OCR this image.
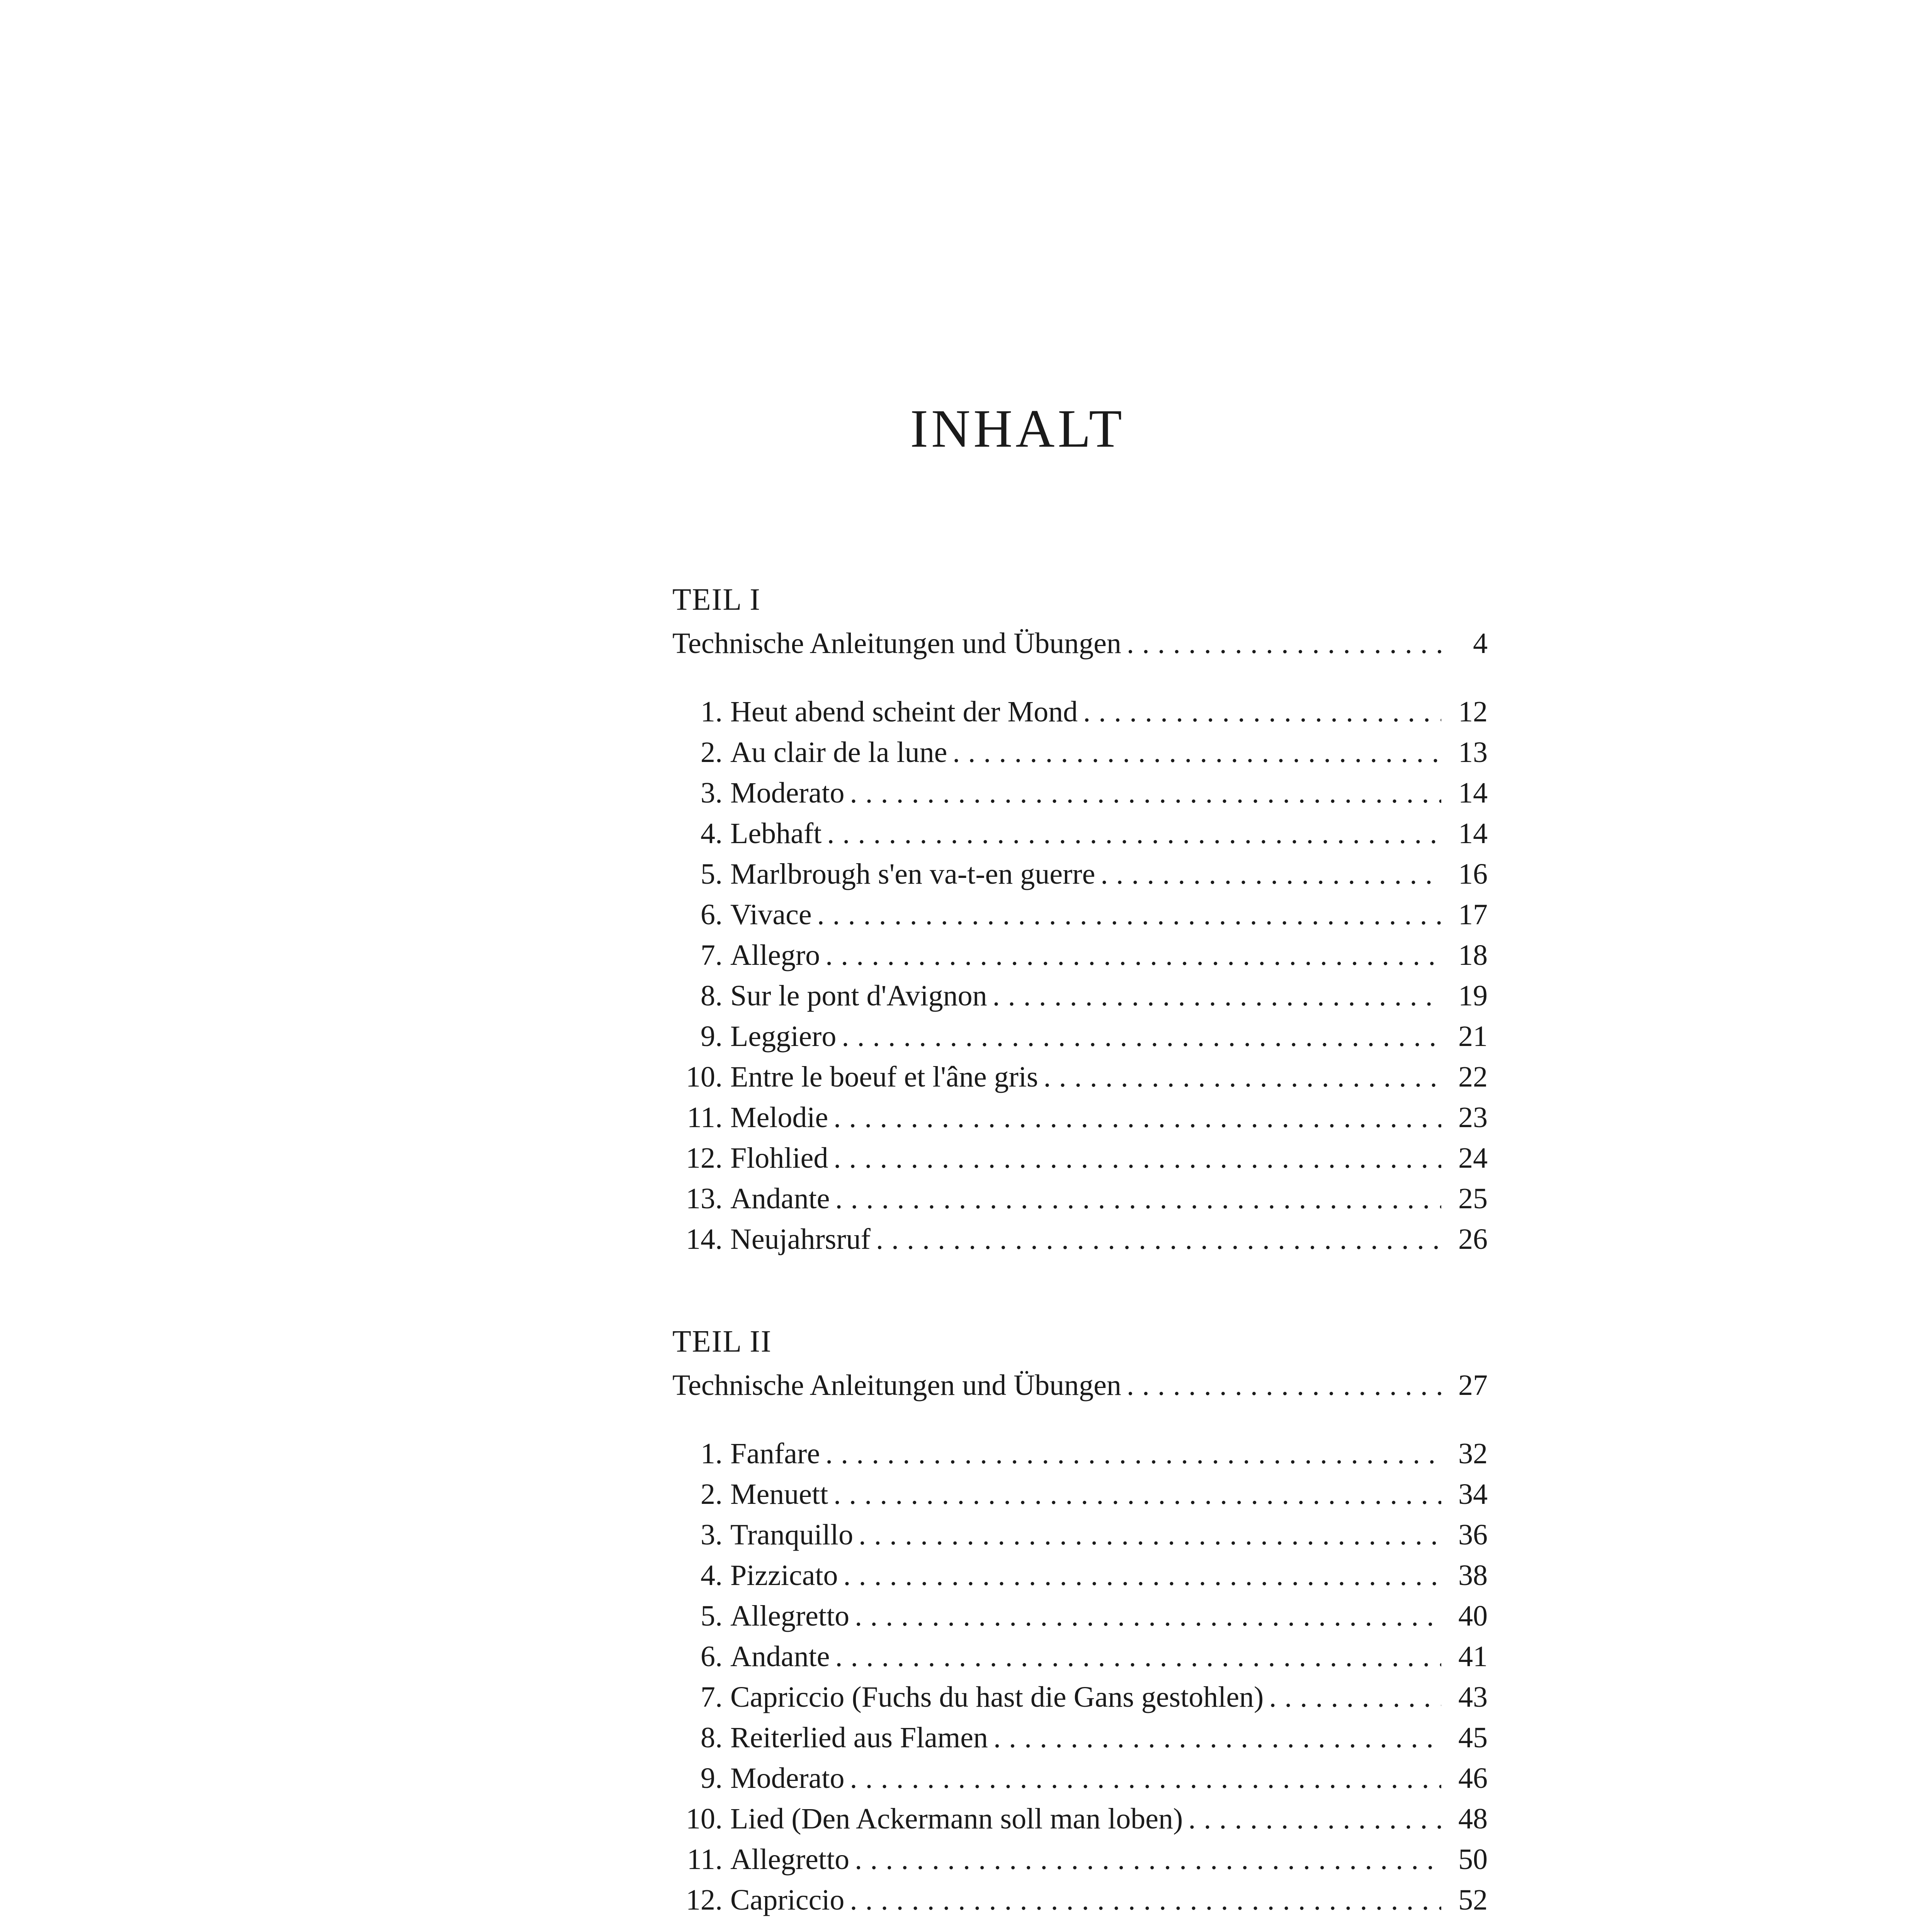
INHALT
TEIL I
Technische Anleitungen und Übungen . . .	4
1. Heut abend scheint der Mond . . .	12
2. Au clair de la lune . . .	13
3. Moderato . . .	14
4. Lebhaft . . .	14
5. Marlbrough s'en va-t-en guerre . . .	16
6. Vivace . . .	17
7. Allegro . . .	18
8. Sur le pont d'Avignon . . .	19
9. Leggiero . . .	21
10. Entre le boeuf et l'âne gris . . .	22
11. Melodie . . .	23
12. Flohlied . . .	24
13. Andante . . .	25
14. Neujahrsruf . . .	26
TEIL II
Technische Anleitungen und Übungen . . .	27
1. Fanfare . . .	32
2. Menuett . . .	34
3. Tranquillo . . .	36
4. Pizzicato . . .	38
5. Allegretto . . .	40
6. Andante . . .	41
7. Capriccio (Fuchs du hast die Gans gestohlen) . . .	43
8. Reiterlied aus Flamen . . .	45
9. Moderato . . .	46
10. Lied (Den Ackermann soll man loben) . . .	48
11. Allegretto . . .	50
12. Capriccio . . .	52
